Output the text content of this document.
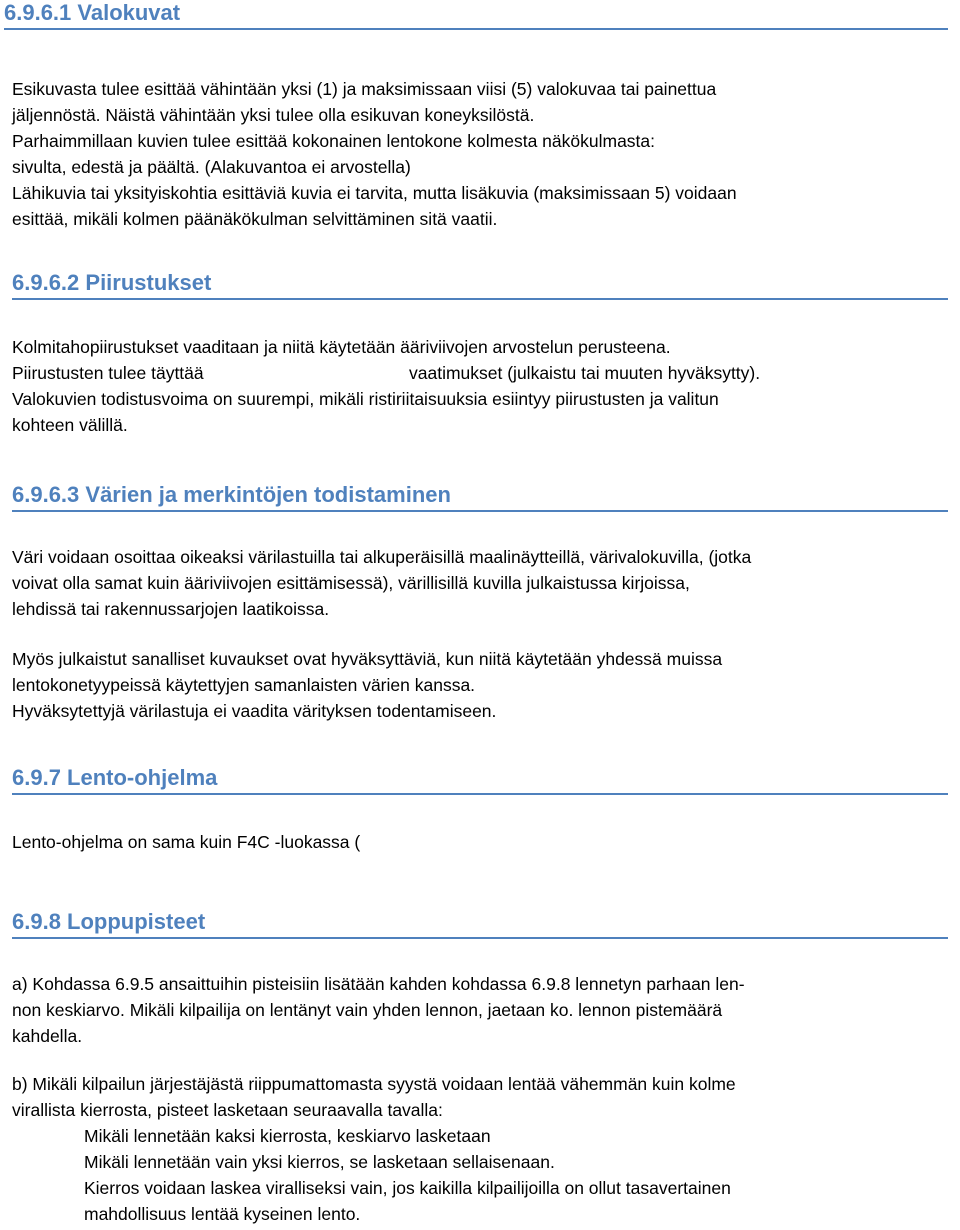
6.9.6.1 Valokuvat
Esikuvasta tulee esittää vähintään yksi (1) ja maksimissaan viisi (5) valokuvaa tai painettua
jäljennöstä. Näistä vähintään yksi tulee olla esikuvan koneyksilöstä.
Parhaimmillaan kuvien tulee esittää kokonainen lentokone kolmesta näkökulmasta:
sivulta, edestä ja päältä. (Alakuvantoa ei arvostella)
Lähikuvia tai yksityiskohtia esittäviä kuvia ei tarvita, mutta lisäkuvia (maksimissaan 5) voidaan
esittää, mikäli kolmen päänäkökulman selvittäminen sitä vaatii.
6.9.6.2 Piirustukset
Kolmitahopiirustukset vaaditaan ja niitä käytetään ääriviivojen arvostelun perusteena.
Piirustusten tulee täyttää	vaatimukset (julkaistu tai muuten hyväksytty).
Valokuvien todistusvoima on suurempi, mikäli ristiriitaisuuksia esiintyy piirustusten ja valitun
kohteen välillä.
6.9.6.3 Värien ja merkintöjen todistaminen
Väri voidaan osoittaa oikeaksi värilastuilla tai alkuperäisillä maalinäytteillä, värivalokuvilla, (jotka
voivat olla samat kuin ääriviivojen esittämisessä), värillisillä kuvilla julkaistussa kirjoissa,
lehdissä tai rakennussarjojen laatikoissa.
Myös julkaistut sanalliset kuvaukset ovat hyväksyttäviä, kun niitä käytetään yhdessä muissa
lentokonetyypeissä käytettyjen samanlaisten värien kanssa.
Hyväksytettyjä värilastuja ei vaadita värityksen todentamiseen.
6.9.7 Lento-ohjelma
Lento-ohjelma on sama kuin F4C -luokassa (
6.9.8 Loppupisteet
a) Kohdassa 6.9.5 ansaittuihin pisteisiin lisätään kahden kohdassa 6.9.8 lennetyn parhaan len-
non keskiarvo. Mikäli kilpailija on lentänyt vain yhden lennon, jaetaan ko. lennon pistemäärä
kahdella.
b) Mikäli kilpailun järjestäjästä riippumattomasta syystä voidaan lentää vähemmän kuin kolme
virallista kierrosta, pisteet lasketaan seuraavalla tavalla:
Mikäli lennetään kaksi kierrosta, keskiarvo lasketaan
Mikäli lennetään vain yksi kierros, se lasketaan sellaisenaan.
Kierros voidaan laskea viralliseksi vain, jos kaikilla kilpailijoilla on ollut tasavertainen
mahdollisuus lentää kyseinen lento.
